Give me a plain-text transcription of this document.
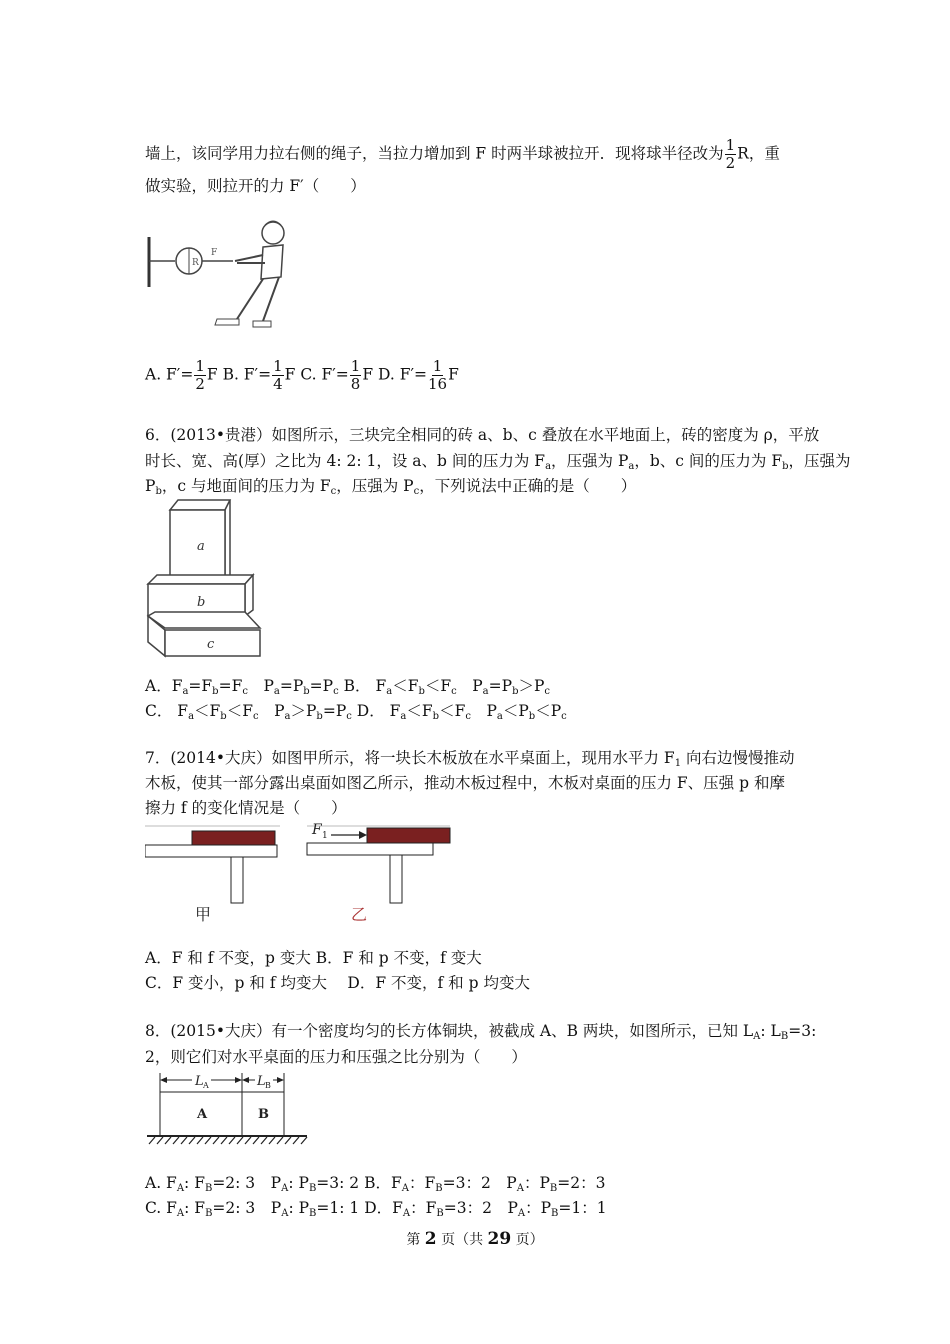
墙上，该同学用力拉右侧的绳子，当拉力增加到 F 时两半球被拉开．现将球半径改为 $\frac{1}{2}$ R，重
做实验，则拉开的力 F′（　　）
R
F
A. $F'= \frac{1}{2}$ F B. $F'= \frac{1}{4}$ F C. $F'= \frac{1}{8}$ F D. $F'= \frac{1}{16}$ F
6．(2013•贵港）如图所示，三块完全相同的砖 a、b、c 叠放在水平地面上，砖的密度为 ρ，平放
时长、宽、高(厚）之比为 4: 2: 1，设 a、b 间的压力为 $F_a$，压强为 $P_a$，b、c 间的压力为 $F_b$，压强为
$P_b$，c 与地面间的压力为 $F_c$，压强为 $P_c$，下列说法中正确的是（　　）
a
b
c
A．$F_a=F_b=F_c$　$P_a=P_b=P_c$ B． $F_a<F_b<F_c$　$P_a=P_b>P_c$
C． $F_a<F_b<F_c$　$P_a>P_b=P_c$ D． $F_a<F_b<F_c$　$P_a<P_b<P_c$
7．(2014•大庆）如图甲所示，将一块长木板放在水平桌面上，现用水平力 $F_1$ 向右边慢慢推动
木板，使其一部分露出桌面如图乙所示，推动木板过程中，木板对桌面的压力 F、压强 p 和摩
擦力 f 的变化情况是（　　）
甲
F 1
乙
A．F 和 f 不变，p 变大 B．F 和 p 不变，f 变大
C．F 变小，p 和 f 均变大　 D．F 不变，f 和 p 均变大
8．(2015•大庆）有一个密度均匀的长方体铜块，被截成 A、B 两块，如图所示，已知 $L_A$: $L_B=3$:
2，则它们对水平桌面的压力和压强之比分别为（　　）
L A	L B
A	B
A. $F_A$: $F_B=2$: 3　$P_A$: $P_B=3$: 2 B．$F_A$：$F_B=3$：2　$P_A$：$P_B=2$：3
C. $F_A$: $F_B=2$: 3　$P_A$: $P_B=1$: 1 D．$F_A$：$F_B=3$：2　$P_A$：$P_B=1$：1
第 2 页（共 29 页）
